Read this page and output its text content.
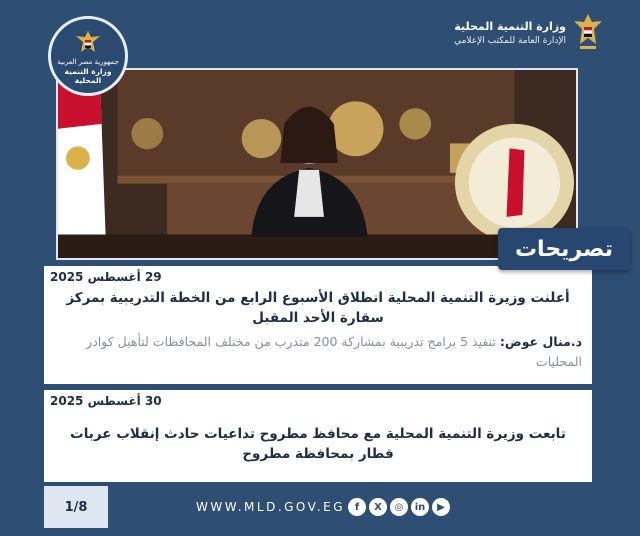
جمهورية مصر العربية
وزارة التنمية المحلية
وزارة التنمية المحلية
الإدارة العامة للمكتب الإعلامي
تصريحات
29 أغسطس 2025
أعلنت وزيرة التنمية المحلية انطلاق الأسبوع الرابع من الخطة التدريبية بمركز سقارة الأحد المقبل
د.منال عوض: تنفيذ 5 برامج تدريبية بمشاركة 200 متدرب من مختلف المحافظات لتأهيل كوادر المحليات
30 أغسطس 2025
تابعت وزيرة التنمية المحلية مع محافظ مطروح تداعيات حادث إنقلاب عربات قطار بمحافظة مطروح
1/8	WWW.MLD.GOV.EG f	X	◎	in	▶
